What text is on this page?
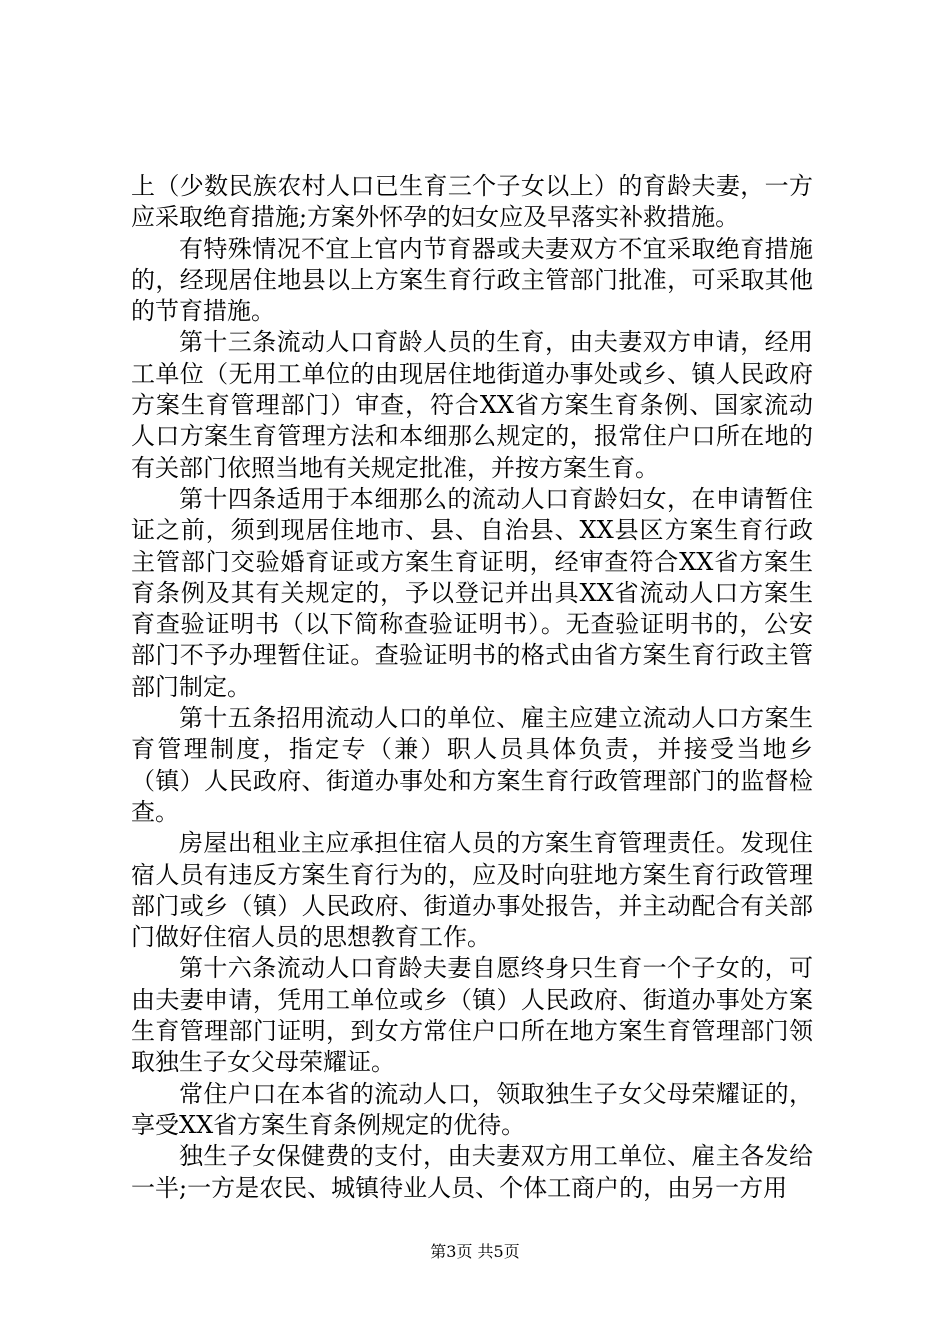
上（少数民族农村人口已生育三个子女以上）的育龄夫妻，一方应采取绝育措施;方案外怀孕的妇女应及早落实补救措施。

有特殊情况不宜上官内节育器或夫妻双方不宜采取绝育措施的，经现居住地县以上方案生育行政主管部门批准，可采取其他的节育措施。

第十三条流动人口育龄人员的生育，由夫妻双方申请，经用工单位（无用工单位的由现居住地街道办事处或乡、镇人民政府方案生育管理部门）审查，符合XX省方案生育条例、国家流动人口方案生育管理方法和本细那么规定的，报常住户口所在地的有关部门依照当地有关规定批准，并按方案生育。

第十四条适用于本细那么的流动人口育龄妇女，在申请暂住证之前，须到现居住地市、县、自治县、XX县区方案生育行政主管部门交验婚育证或方案生育证明，经审查符合XX省方案生育条例及其有关规定的，予以登记并出具XX省流动人口方案生育查验证明书（以下简称查验证明书）。无查验证明书的，公安部门不予办理暂住证。查验证明书的格式由省方案生育行政主管部门制定。

第十五条招用流动人口的单位、雇主应建立流动人口方案生育管理制度，指定专（兼）职人员具体负责，并接受当地乡（镇）人民政府、街道办事处和方案生育行政管理部门的监督检查。

房屋出租业主应承担住宿人员的方案生育管理责任。发现住宿人员有违反方案生育行为的，应及时向驻地方案生育行政管理部门或乡（镇）人民政府、街道办事处报告，并主动配合有关部门做好住宿人员的思想教育工作。

第十六条流动人口育龄夫妻自愿终身只生育一个子女的，可由夫妻申请，凭用工单位或乡（镇）人民政府、街道办事处方案生育管理部门证明，到女方常住户口所在地方案生育管理部门领取独生子女父母荣耀证。

常住户口在本省的流动人口，领取独生子女父母荣耀证的，享受XX省方案生育条例规定的优待。

独生子女保健费的支付，由夫妻双方用工单位、雇主各发给一半;一方是农民、城镇待业人员、个体工商户的，由另一方用

第3页 共5页
